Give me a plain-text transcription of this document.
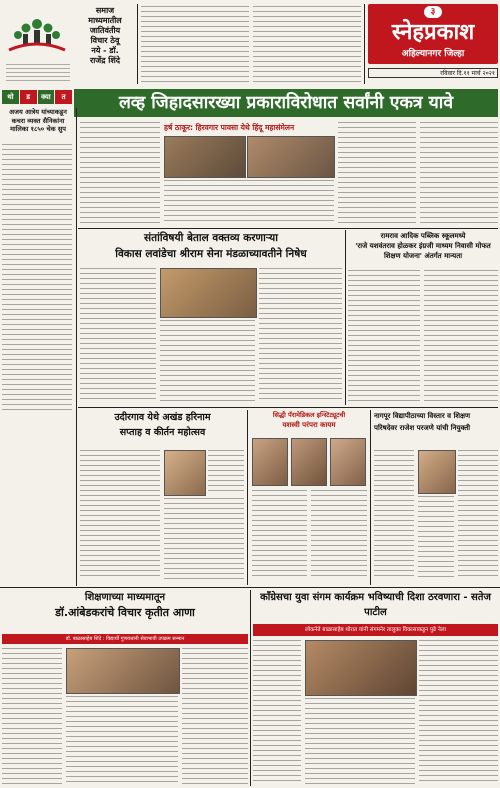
समाज
माध्यमातील
जातिवंतीय
विचार ठेवू
नये - डॉ.
राजेंद्र शिंदे
३
स्नेहप्रकाश
अहिल्यानगर जिल्हा
रविवार दि.११ मार्च २०२१
थो	ड	क्या	त	लव्ह जिहादसारख्या प्रकाराविरोधात सर्वांनी एकत्र यावे
अजय आत्रेय यांच्याकडून कचरा व्यक्त सैनिकांना मालिका १८५० चेक सुप	हर्ष ठाकूर: हिरवगार पावसा येथे हिंदू महासंमेलन
संतांविषयी बेताल वक्तव्य करणाऱ्या
विकास लवांडेचा श्रीराम सेना मंडळाच्यावतीने निषेध
रामराव आदिक पब्लिक स्कूलमध्ये
'राजे यशवंतराव होळकर इंग्रजी माध्यम निवासी मोफत शिक्षण योजना' अंतर्गत मान्यता
उदीरगाव येथे अखंड हरिनाम
सप्ताह व कीर्तन महोत्सव
सिद्धी पॅरामेडिकल इन्स्टिट्यूटची
यशस्वी परंपरा कायम
नागपूर विद्यापीठाच्या विस्तार व शिक्षण
परिषदेवर राजेश परजणे यांची नियुक्ती
शिक्षणाच्या माध्यमातून
डॉ.आंबेडकरांचे विचार कृतीत आणा
डॉ. बाळासाहेब शिंदे : विद्यार्थी गुणवत्तांनी सेवाभावी उपक्रम सन्मान
काँग्रेसचा युवा संगम कार्यक्रम भविष्याची दिशा ठरवणारा - सतेज पाटील
लोकनेते बाळासाहेब थोरात यांनी संगमनेर तालुका विकासाकडून पुढे नेला
